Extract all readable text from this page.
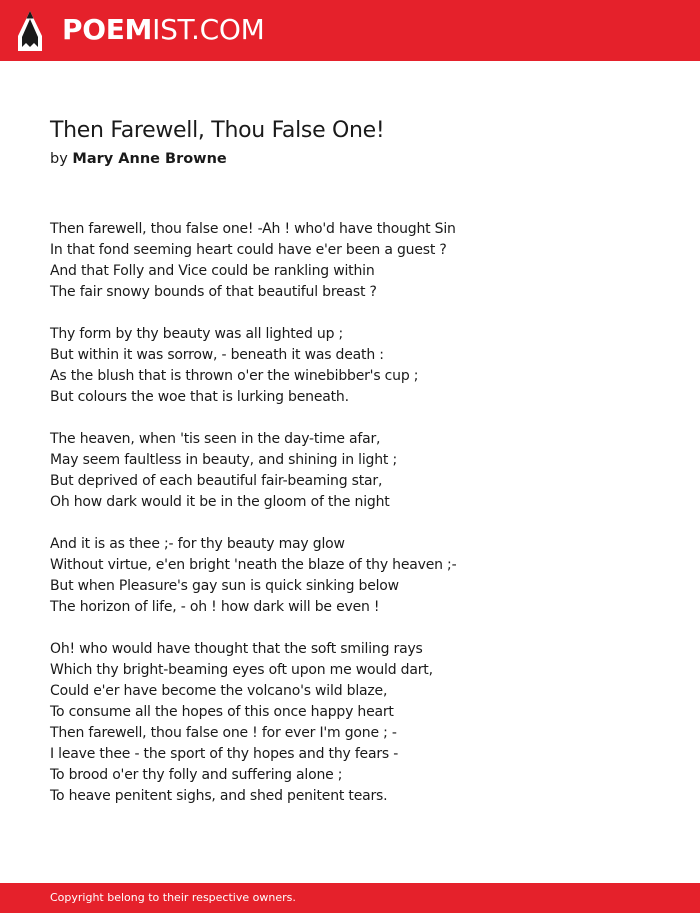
POEMIST.COM
Then Farewell, Thou False One!
by Mary Anne Browne
Then farewell, thou false one! -Ah ! who'd have thought Sin
In that fond seeming heart could have e'er been a guest ?
And that Folly and Vice could be rankling within
The fair snowy bounds of that beautiful breast ?
Thy form by thy beauty was all lighted up ;
But within it was sorrow, - beneath it was death :
As the blush that is thrown o'er the winebibber's cup ;
But colours the woe that is lurking beneath.
The heaven, when 'tis seen in the day-time afar,
May seem faultless in beauty, and shining in light ;
But deprived of each beautiful fair-beaming star,
Oh how dark would it be in the gloom of the night
And it is as thee ;- for thy beauty may glow
Without virtue, e'en bright 'neath the blaze of thy heaven ;-
But when Pleasure's gay sun is quick sinking below
The horizon of life, - oh ! how dark will be even !
Oh! who would have thought that the soft smiling rays
Which thy bright-beaming eyes oft upon me would dart,
Could e'er have become the volcano's wild blaze,
To consume all the hopes of this once happy heart
Then farewell, thou false one ! for ever I'm gone ; -
I leave thee - the sport of thy hopes and thy fears -
To brood o'er thy folly and suffering alone ;
To heave penitent sighs, and shed penitent tears.
Copyright belong to their respective owners.
